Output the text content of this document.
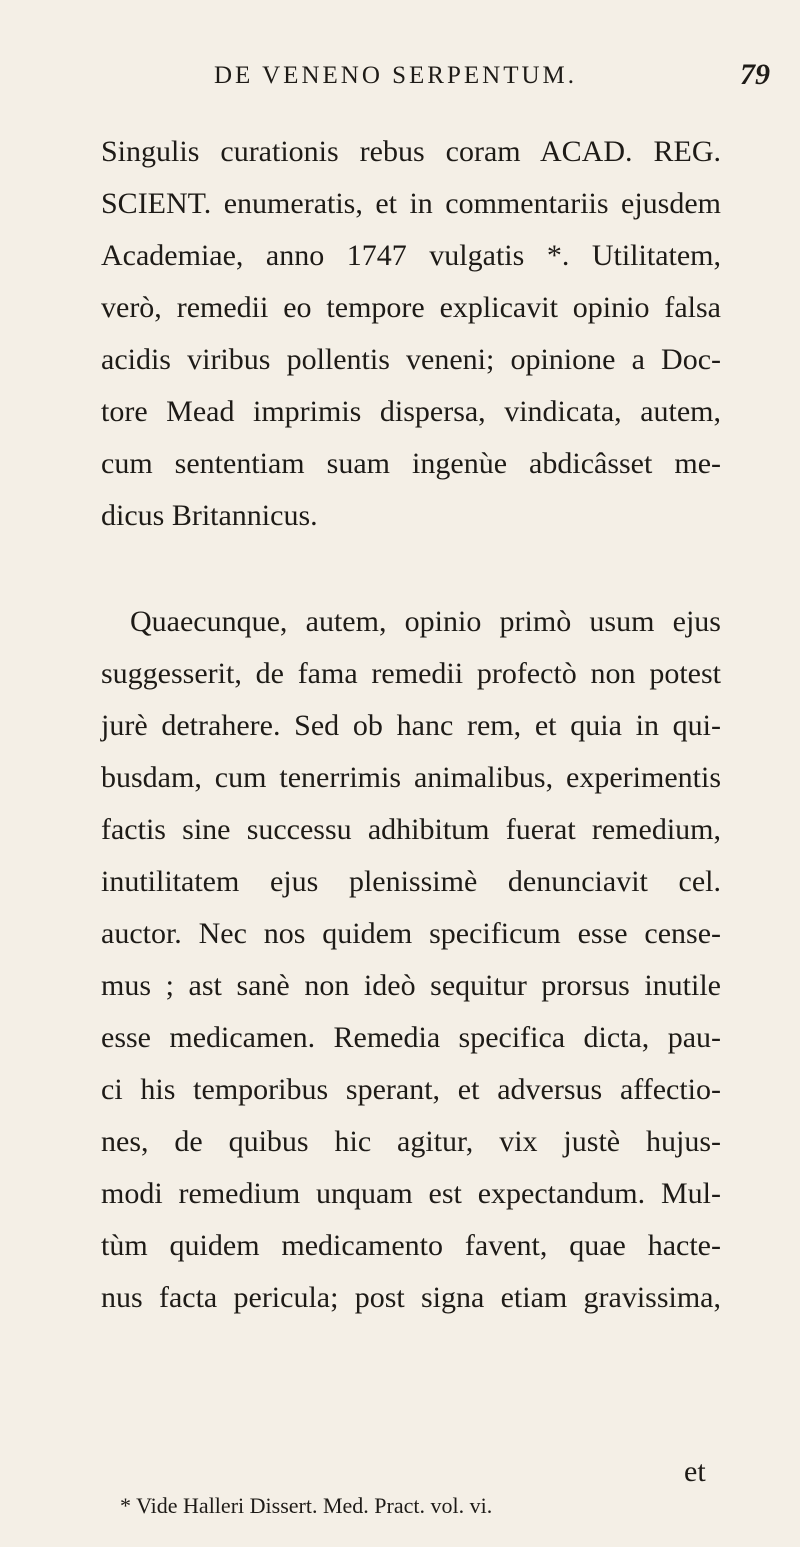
DE VENENO SERPENTUM.	79
Singulis curationis rebus coram ACAD. REG.
SCIENT. enumeratis, et in commentariis ejusdem
Academiae, anno 1747 vulgatis *. Utilitatem,
verò, remedii eo tempore explicavit opinio falsa
acidis viribus pollentis veneni; opinione a Doc-
tore Mead imprimis dispersa, vindicata, autem,
cum sententiam suam ingenùe abdicâsset me-
dicus Britannicus.
Quaecunque, autem, opinio primò usum ejus
suggesserit, de fama remedii profectò non potest
jurè detrahere. Sed ob hanc rem, et quia in qui-
busdam, cum tenerrimis animalibus, experimentis
factis sine successu adhibitum fuerat remedium,
inutilitatem ejus plenissimè denunciavit cel.
auctor. Nec nos quidem specificum esse cense-
mus ; ast sanè non ideò sequitur prorsus inutile
esse medicamen. Remedia specifica dicta, pau-
ci his temporibus sperant, et adversus affectio-
nes, de quibus hic agitur, vix justè hujus-
modi remedium unquam est expectandum. Mul-
tùm quidem medicamento favent, quae hacte-
nus facta pericula; post signa etiam gravissima,
et
* Vide Halleri Dissert. Med. Pract. vol. vi.
